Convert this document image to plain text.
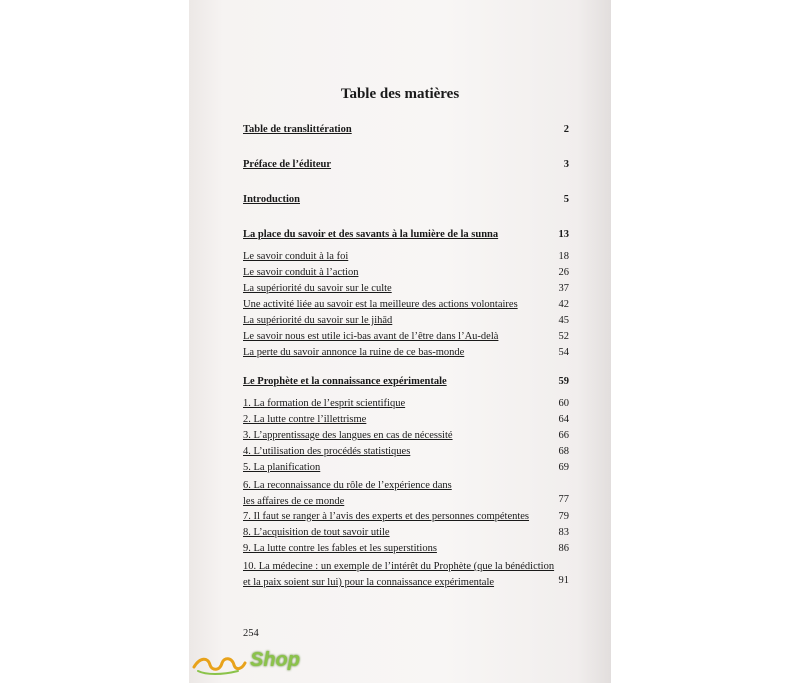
Table des matières
Table de translittération	2
Préface de l’éditeur	3
Introduction	5
La place du savoir et des savants à la lumière de la sunna	13
Le savoir conduit à la foi	18
Le savoir conduit à l’action	26
La supériorité du savoir sur le culte	37
Une activité liée au savoir est la meilleure des actions volontaires	42
La supériorité du savoir sur le jihād	45
Le savoir nous est utile ici-bas avant de l’être dans l’Au-delà	52
La perte du savoir annonce la ruine de ce bas-monde	54
Le Prophète et la connaissance expérimentale	59
1. La formation de l’esprit scientifique	60
2. La lutte contre l’illettrisme	64
3. L’apprentissage des langues en cas de nécessité	66
4. L’utilisation des procédés statistiques	68
5. La planification	69
6. La reconnaissance du rôle de l’expérience dans
les affaires de ce monde	77
7. Il faut se ranger à l’avis des experts et des personnes compétentes	79
8. L’acquisition de tout savoir utile	83
9. La lutte contre les fables et les superstitions	86
10. La médecine : un exemple de l’intérêt du Prophète (que la bénédiction
et la paix soient sur lui) pour la connaissance expérimentale	91
254
Shop
